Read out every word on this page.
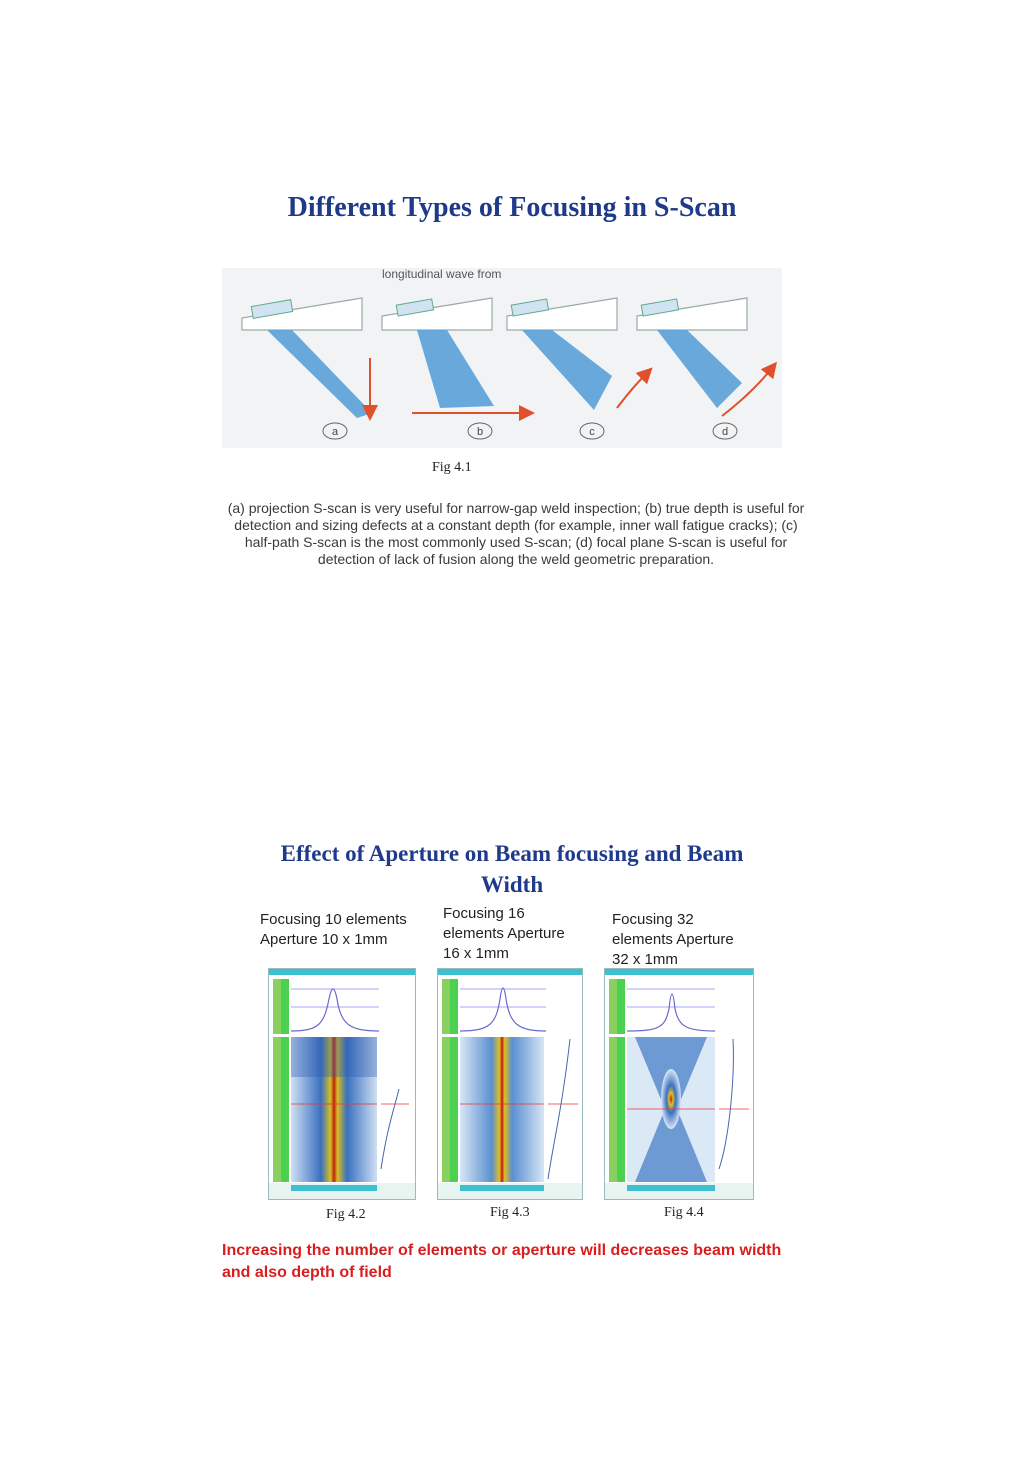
Different Types of Focusing in S-Scan
longitudinal wave from
a	b	c	d
Fig 4.1
(a) projection S-scan is very useful for narrow-gap weld inspection; (b) true depth is useful for detection and sizing defects at a constant depth (for example, inner wall fatigue cracks); (c) half-path S-scan is the most commonly used S-scan; (d) focal plane S-scan is useful for detection of lack of fusion along the weld geometric preparation.
Effect of Aperture on Beam focusing and Beam
Width
Focusing 10 elements Aperture 10 x 1mm
Focusing 16 elements Aperture 16 x 1mm
Focusing 32 elements Aperture 32 x 1mm
Fig 4.2	Fig 4.3	Fig 4.4
Increasing the number of elements or aperture will decreases beam width and also depth of field
